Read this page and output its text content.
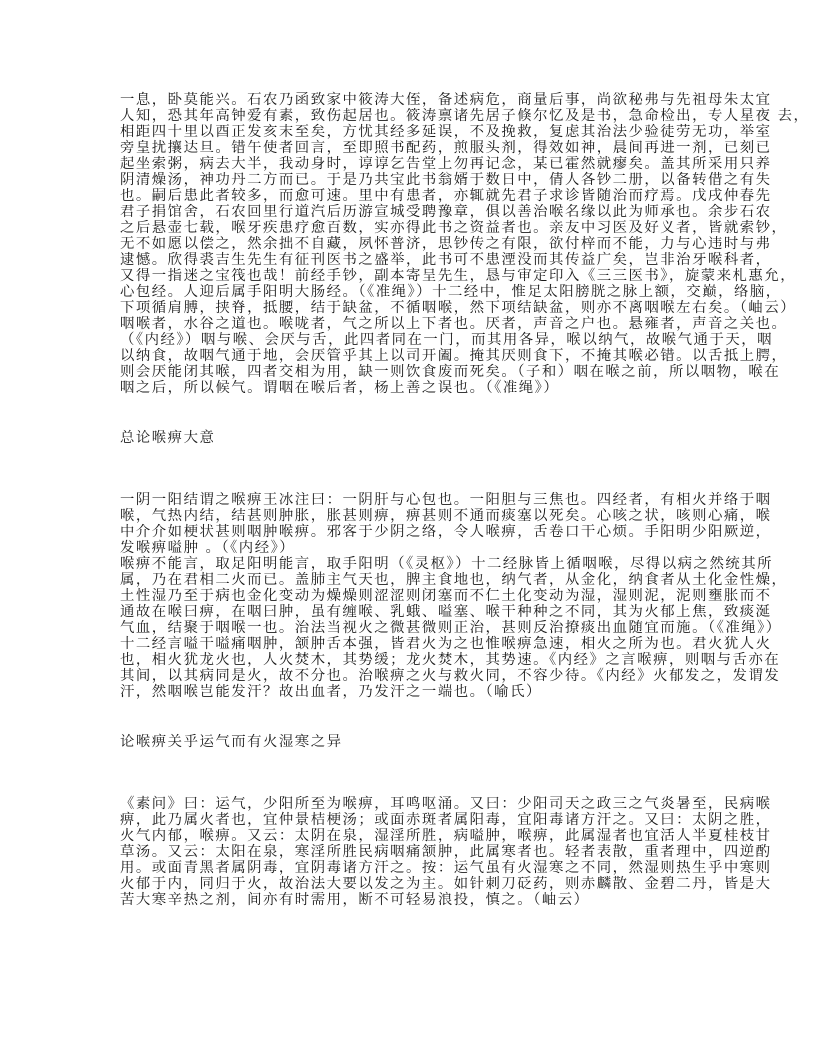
一息，卧莫能兴。石农乃函致家中筱涛大侄，备述病危，商量后事，尚欲秘弗与先祖母朱太宜
人知，恐其年高钟爱有素，致伤起居也。筱涛禀诸先居子倏尔忆及是书，急命检出，专人星夜 去，
相距四十里以酉正发亥末至矣，方忧其经多延误，不及挽救，复虑其治法少验徒劳无功，举室
旁皇扰攘达旦。错午使者回言，至即照书配药，煎服头剂，得效如神，晨间再进一剂，已刻已
起坐索粥，病去大半，我动身时，谆谆乞告堂上勿再记念，某已霍然就瘳矣。盖其所采用只养
阴清燥汤，神功丹二方而已。于是乃共宝此书翁婿于数日中，倩人各钞二册，以备转借之有失
也。嗣后患此者较多，而愈可速。里中有患者，亦辄就先君子求诊皆随治而疗焉。戊戌仲春先
君子捐馆舍，石农回里行道汽后历游宣城受聘豫章，俱以善治喉名缘以此为师承也。余步石农
之后悬壶七载，喉牙疾患疗愈百数，实亦得此书之资益者也。亲友中习医及好义者，皆就索钞，
无不如愿以偿之，然余拙不自藏，夙怀普济，思钞传之有限，欲付梓而不能，力与心违时与弗
逮憾。欣得裘吉生先生有征刊医书之盛举，此书可不患湮没而其传益广矣，岂非治牙喉科者，
又得一指迷之宝筏也哉！前经手钞，副本寄呈先生，恳与审定印入《三三医书》，旋蒙来札惠允，
心包经。人迎后属手阳明大肠经。（《准绳》）十二经中，惟足太阳膀胱之脉上额，交巅，络脑，
下项循肩膊，挟脊，抵腰，结于缺盆，不循咽喉，然下项结缺盆，则亦不离咽喉左右矣。（岫云）
咽喉者，水谷之道也。喉咙者，气之所以上下者也。厌者，声音之户也。悬雍者，声音之关也。
（《内经》）咽与喉、会厌与舌，此四者同在一门，而其用各异，喉以纳气，故喉气通于天，咽
以纳食，故咽气通于地，会厌管乎其上以司开阖。掩其厌则食下，不掩其喉必错。以舌抵上腭，
则会厌能闭其喉，四者交相为用，缺一则饮食废而死矣。（子和）咽在喉之前，所以咽物，喉在
咽之后，所以候气。谓咽在喉后者，杨上善之误也。（《准绳》）
总论喉痹大意
一阴一阳结谓之喉痹王冰注曰：一阴肝与心包也。一阳胆与三焦也。四经者，有相火并络于咽
喉，气热内结，结甚则肿胀，胀甚则痹，痹甚则不通而痰塞以死矣。心咳之状，咳则心痛，喉
中介介如梗状甚则咽肿喉痹。邪客于少阴之络，令人喉痹，舌卷口干心烦。手阳明少阳厥逆，
发喉痹嗌肿 。（《内经》）
喉痹不能言，取足阳明能言，取手阳明（《灵枢》）十二经脉皆上循咽喉，尽得以病之然统其所
属，乃在君相二火而已。盖肺主气天也，脾主食地也，纳气者，从金化，纳食者从土化金性燥，
土性湿乃至于病也金化变动为燥燥则涩涩则闭塞而不仁土化变动为湿，湿则泥，泥则壅胀而不
通故在喉曰痹，在咽曰肿，虽有缠喉、乳蛾、嗌塞、喉干种种之不同，其为火郁上焦，致痰涎
气血，结聚于咽喉一也。治法当视火之微甚微则正治，甚则反治撩痰出血随宜而施。（《准绳》）
十二经言嗌干嗌痛咽肿，颔肿舌本强，皆君火为之也惟喉痹急速，相火之所为也。君火犹人火
也，相火犹龙火也，人火焚木，其势缓；龙火焚木，其势速。《内经》之言喉痹，则咽与舌亦在
其间，以其病同是火，故不分也。治喉痹之火与救火同，不容少待。《内经》火郁发之，发谓发
汗，然咽喉岂能发汗？故出血者，乃发汗之一端也。（喻氏）
论喉痹关乎运气而有火湿寒之异
《素问》曰：运气，少阳所至为喉痹，耳鸣呕涌。又曰：少阳司天之政三之气炎暑至，民病喉
痹，此乃属火者也，宜仲景桔梗汤；或面赤斑者属阳毒，宜阳毒诸方汗之。又曰：太阴之胜，
火气内郁，喉痹。又云：太阴在泉，湿淫所胜，病嗌肿，喉痹，此属湿者也宜活人半夏桂枝甘
草汤。又云：太阳在泉，寒淫所胜民病咽痛颔肿，此属寒者也。轻者表散，重者理中，四逆酌
用。或面青黑者属阴毒，宜阴毒诸方汗之。按：运气虽有火湿寒之不同，然湿则热生乎中寒则
火郁于内，同归于火，故治法大要以发之为主。如针刺刀砭药，则赤麟散、金碧二丹，皆是大
苦大寒辛热之剂，间亦有时需用，断不可轻易浪投，慎之。（岫云）
